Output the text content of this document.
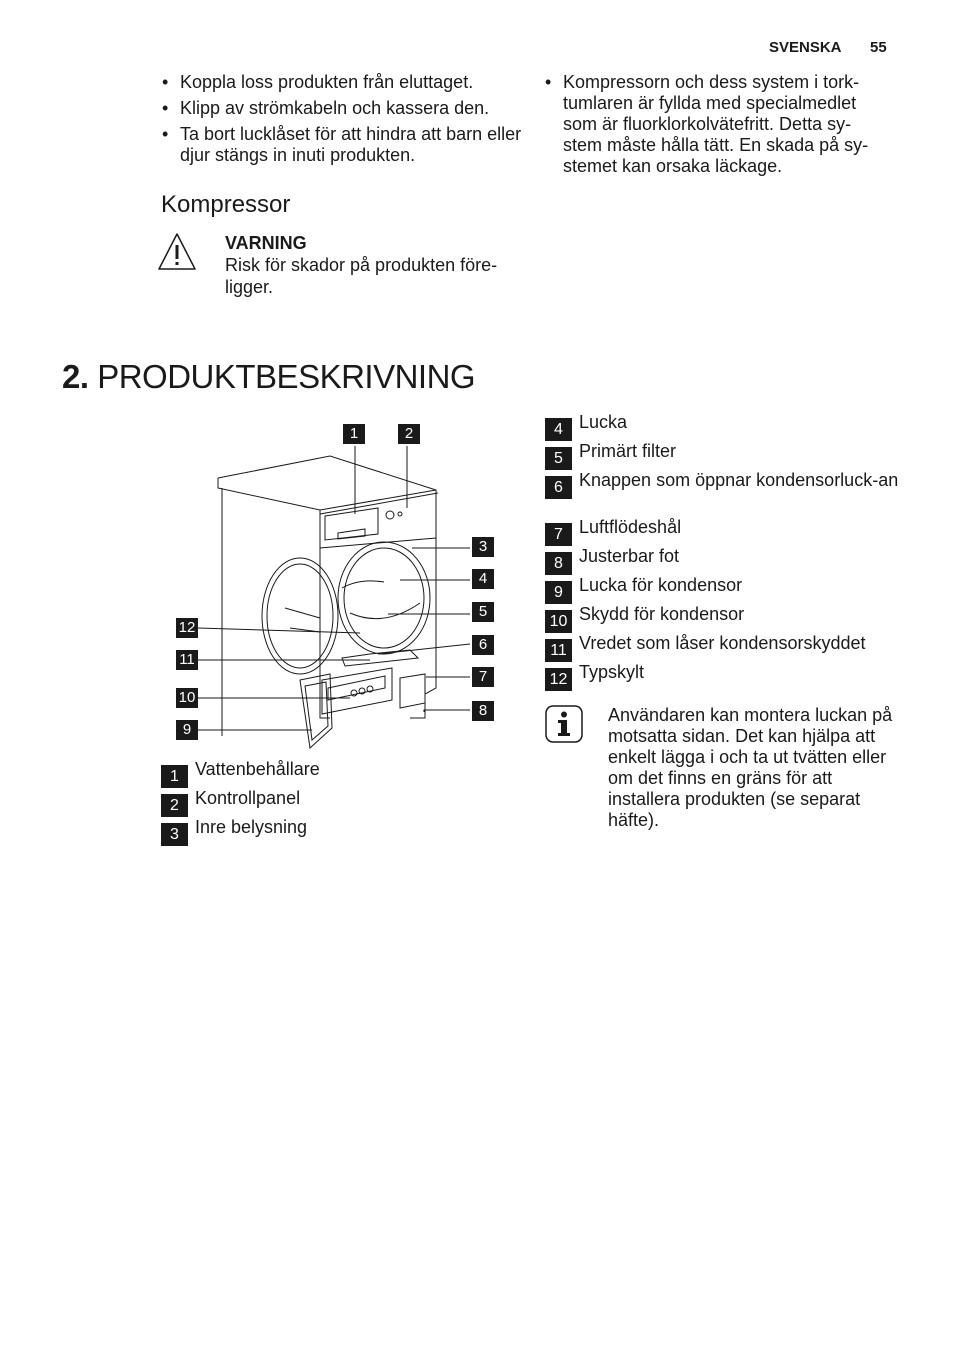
SVENSKA 55
• Koppla loss produkten från eluttaget.
• Klipp av strömkabeln och kassera den.
• Ta bort lucklåset för att hindra att barn eller djur stängs in inuti produkten.
• Kompressorn och dess system i tork-tumlaren är fyllda med specialmedlet som är fluorklorkolvätefritt. Detta sy-stem måste hålla tätt. En skada på sy-stemet kan orsaka läckage.
Kompressor
VARNING
Risk för skador på produkten före-ligger.
2. PRODUKTBESKRIVNING
1	2
3
4
5
6
7
8
9
10
11
12
1 Vattenbehållare
2 Kontrollpanel
3 Inre belysning
4 Lucka
5 Primärt filter
6 Knappen som öppnar kondensorluck-an
7 Luftflödeshål
8 Justerbar fot
9 Lucka för kondensor
10 Skydd för kondensor
11 Vredet som låser kondensorskyddet
12 Typskylt
Användaren kan montera luckan på motsatta sidan. Det kan hjälpa att enkelt lägga i och ta ut tvätten eller om det finns en gräns för att installera produkten (se separat häfte).
